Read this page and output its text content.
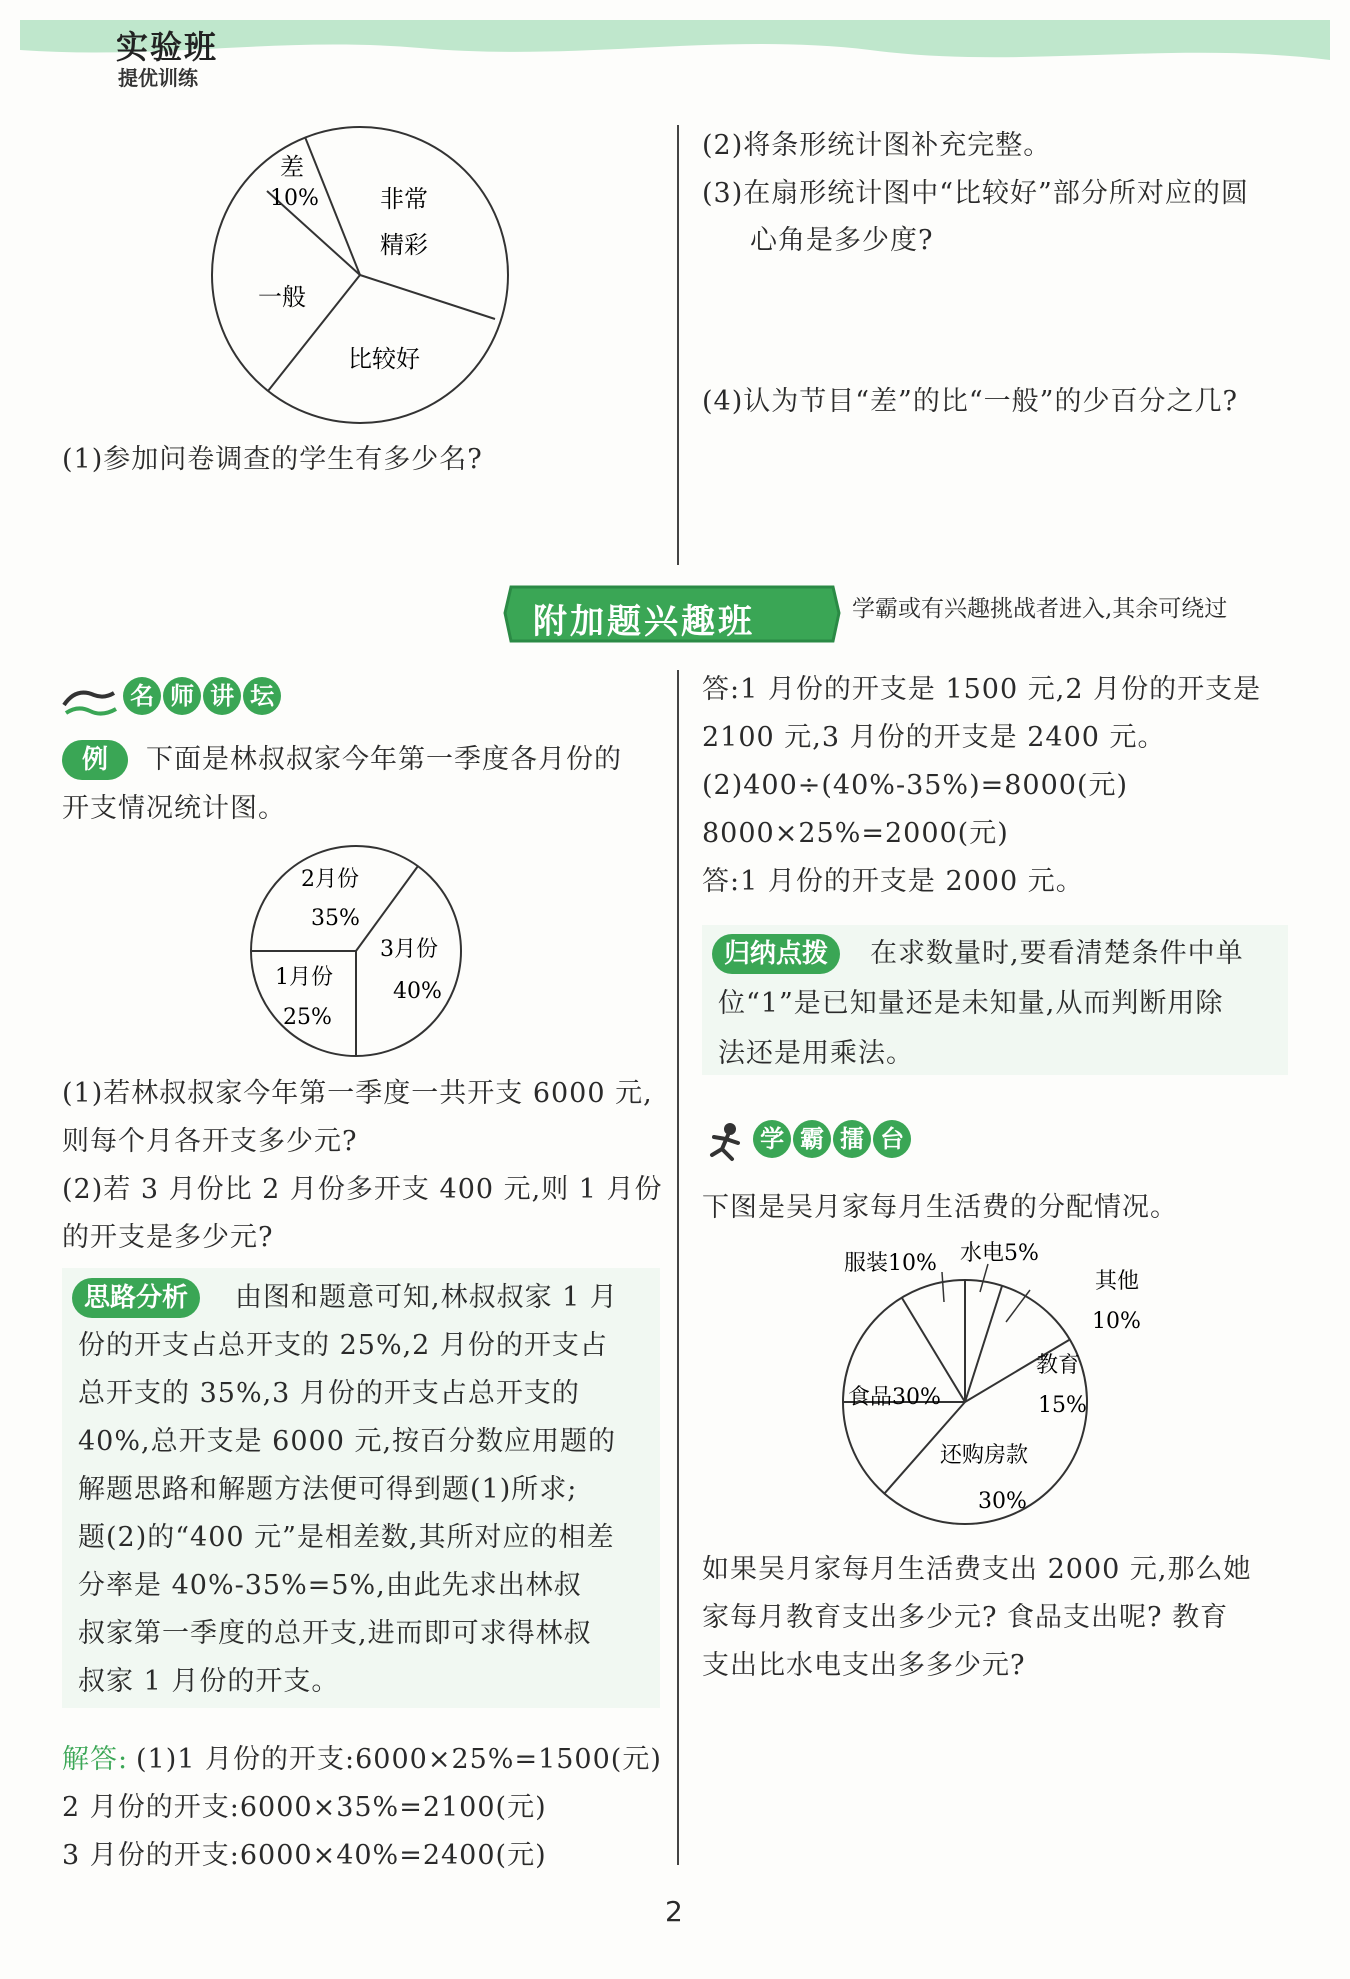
实验班
提优训练
差
10%	非常
精彩
一般
比较好
(1)参加问卷调查的学生有多少名?
(2)将条形统计图补充完整。
(3)在扇形统计图中“比较好”部分所对应的圆
心角是多少度?
(4)认为节目“差”的比“一般”的少百分之几?
附加题兴趣班	学霸或有兴趣挑战者进入,其余可绕过
名 师 讲 坛
例	下面是林叔叔家今年第一季度各月份的
开支情况统计图。
2月份
35%
3月份
40%
1月份
25%
(1)若林叔叔家今年第一季度一共开支 6000 元,
则每个月各开支多少元?
(2)若 3 月份比 2 月份多开支 400 元,则 1 月份
的开支是多少元?
思路分析	由图和题意可知,林叔叔家 1 月
份的开支占总开支的 25%,2 月份的开支占
总开支的 35%,3 月份的开支占总开支的
40%,总开支是 6000 元,按百分数应用题的
解题思路和解题方法便可得到题(1)所求;
题(2)的“400 元”是相差数,其所对应的相差
分率是 40%-35%=5%,由此先求出林叔
叔家第一季度的总开支,进而即可求得林叔
叔家 1 月份的开支。
解答: (1)1 月份的开支:6000×25%=1500(元)
2 月份的开支:6000×35%=2100(元)
3 月份的开支:6000×40%=2400(元)
答:1 月份的开支是 1500 元,2 月份的开支是
2100 元,3 月份的开支是 2400 元。
(2)400÷(40%-35%)=8000(元)
8000×25%=2000(元)
答:1 月份的开支是 2000 元。
归纳点拨	在求数量时,要看清楚条件中单
位“1”是已知量还是未知量,从而判断用除
法还是用乘法。
学 霸 擂 台
下图是吴月家每月生活费的分配情况。
服装10% 水电5%
其他
10%
教育
15%
食品30%
还购房款
30%
如果吴月家每月生活费支出 2000 元,那么她
家每月教育支出多少元? 食品支出呢? 教育
支出比水电支出多多少元?
2
